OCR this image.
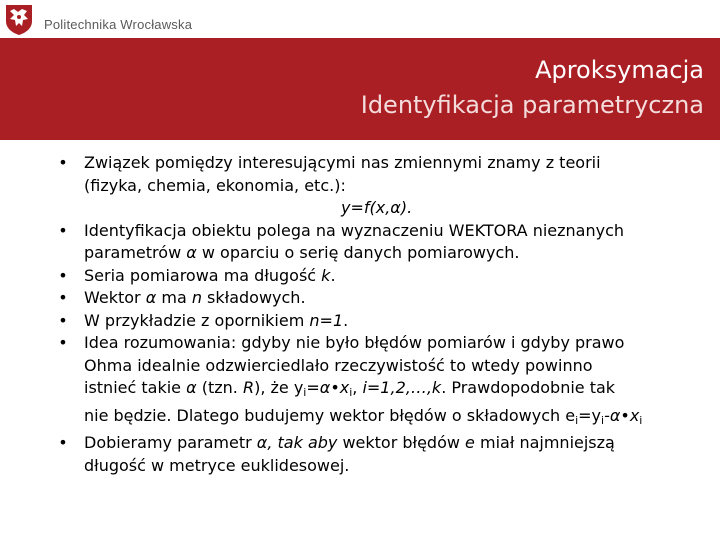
Politechnika Wrocławska
Aproksymacja
Identyfikacja parametryczna
• Związek pomiędzy interesującymi nas zmiennymi znamy z teorii
(fizyka, chemia, ekonomia, etc.):
y=f(x,α).
• Identyfikacja obiektu polega na wyznaczeniu WEKTORA nieznanych
parametrów α w oparciu o serię danych pomiarowych.
• Seria pomiarowa ma długość k.
• Wektor α ma n składowych.
• W przykładzie z opornikiem n=1.
• Idea rozumowania: gdyby nie było błędów pomiarów i gdyby prawo
Ohma idealnie odzwierciedlało rzeczywistość to wtedy powinno
istnieć takie α (tzn. R), że $y_i=\alpha•x_i$, i=1,2,…,k. Prawdopodobnie tak
nie będzie. Dlatego budujemy wektor błędów o składowych $e_i=y_i-\alpha•x_i$
• Dobieramy parametr α, tak aby wektor błędów e miał najmniejszą
długość w metryce euklidesowej.
